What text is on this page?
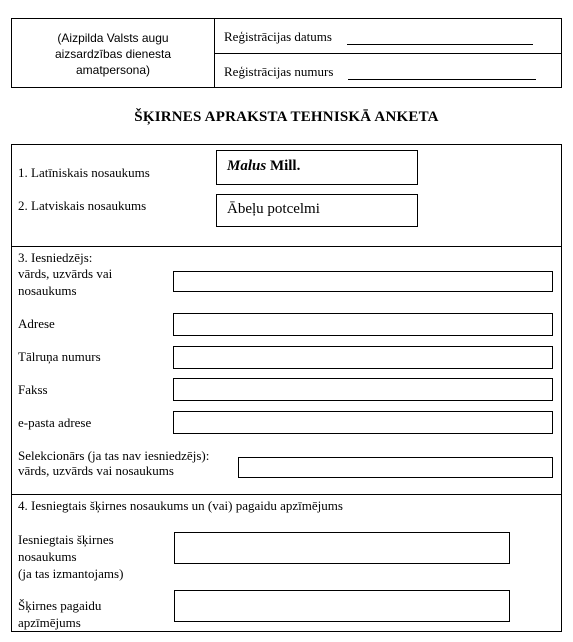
(Aizpilda Valsts augu
aizsardzības dienesta
amatpersona)
Reģistrācijas datums
Reģistrācijas numurs
ŠĶIRNES APRAKSTA TEHNISKĀ ANKETA
1. Latīniskais nosaukums	Malus Mill.
2. Latviskais nosaukums	Ābeļu potcelmi
3. Iesniedzējs:
vārds, uzvārds vai
nosaukums
Adrese
Tālruņa numurs
Fakss
e-pasta adrese
Selekcionārs (ja tas nav iesniedzējs):
vārds, uzvārds vai nosaukums
4. Iesniegtais šķirnes nosaukums un (vai) pagaidu apzīmējums
Iesniegtais šķirnes
nosaukums
(ja tas izmantojams)
Šķirnes pagaidu
apzīmējums
